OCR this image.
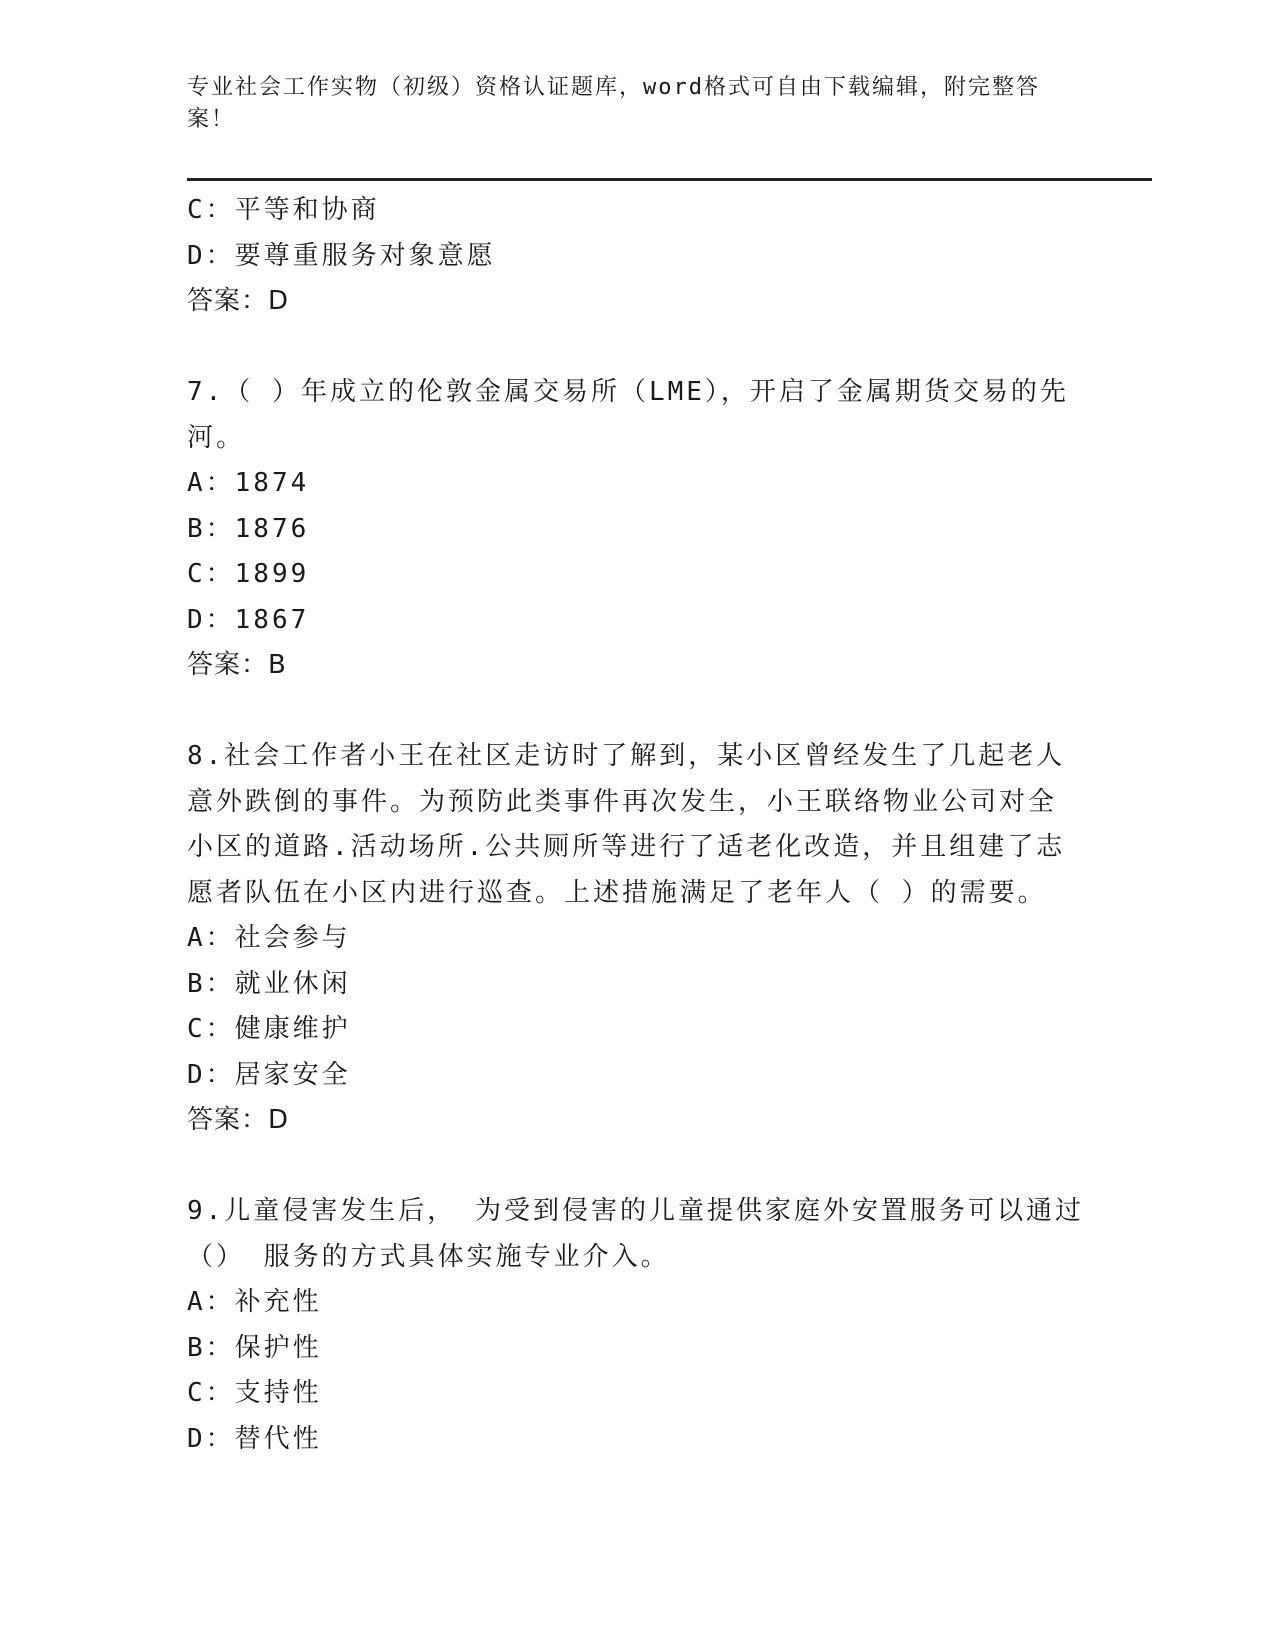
专业社会工作实物（初级）资格认证题库，word格式可自由下载编辑，附完整答案！
C：平等和协商
D：要尊重服务对象意愿
答案：D
7.（ ）年成立的伦敦金属交易所（LME），开启了金属期货交易的先
河。
A：1874
B：1876
C：1899
D：1867
答案：B
8.社会工作者小王在社区走访时了解到，某小区曾经发生了几起老人
意外跌倒的事件。为预防此类事件再次发生，小王联络物业公司对全
小区的道路.活动场所.公共厕所等进行了适老化改造，并且组建了志
愿者队伍在小区内进行巡查。上述措施满足了老年人（ ）的需要。
A：社会参与
B：就业休闲
C：健康维护
D：居家安全
答案：D
9.儿童侵害发生后， 为受到侵害的儿童提供家庭外安置服务可以通过
（） 服务的方式具体实施专业介入。
A：补充性
B：保护性
C：支持性
D：替代性
